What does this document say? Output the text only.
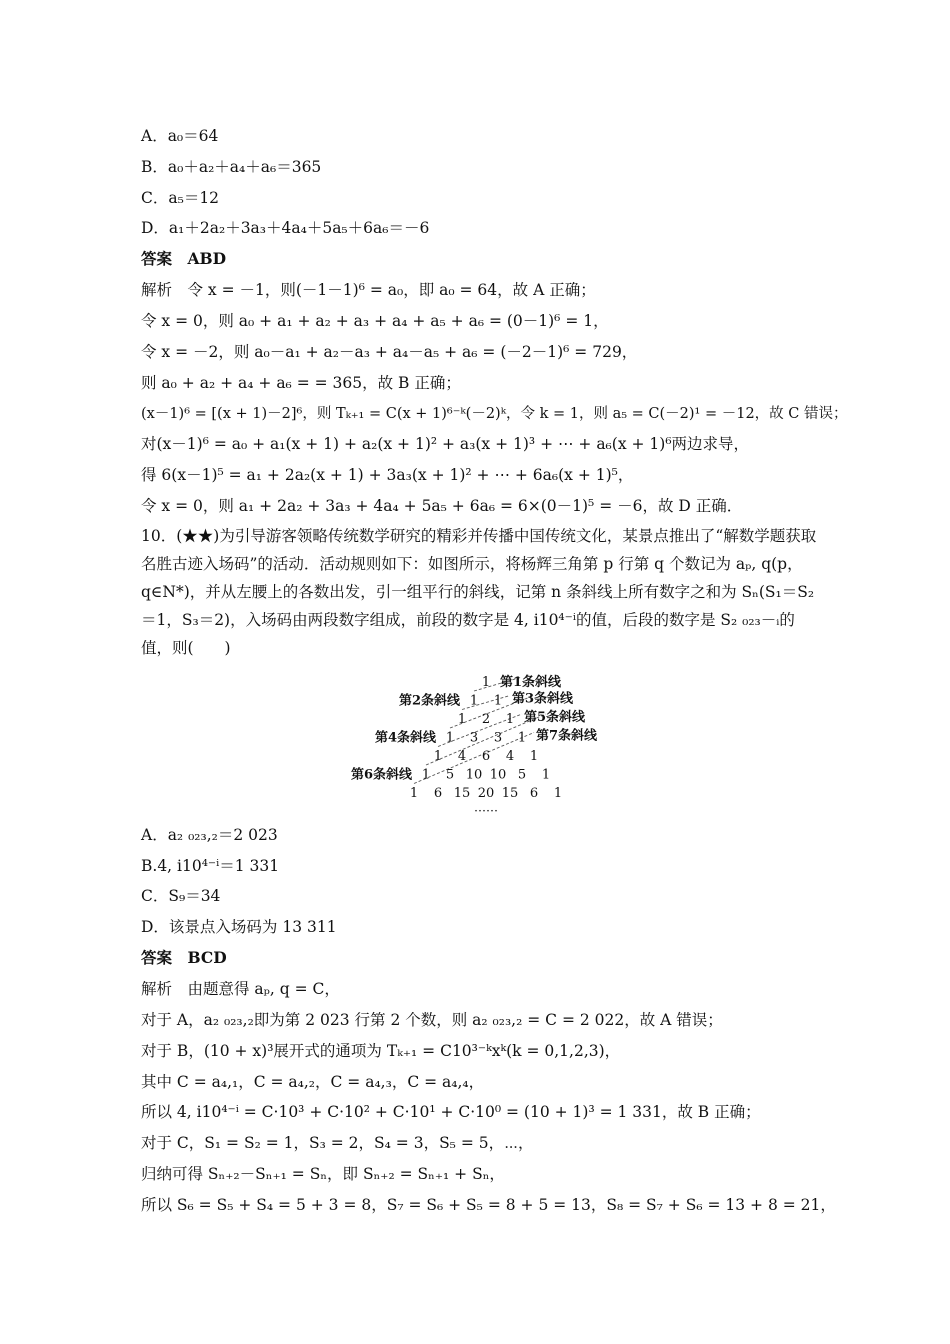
A．a₀＝64
B．a₀＋a₂＋a₄＋a₆＝365
C．a₅＝12
D．a₁＋2a₂＋3a₃＋4a₄＋5a₅＋6a₆＝－6
答案　ABD
解析　令 x = －1，则(－1－1)⁶ = a₀，即 a₀ = 64，故 A 正确；
令 x = 0，则 a₀ + a₁ + a₂ + a₃ + a₄ + a₅ + a₆ = (0－1)⁶ = 1，
令 x = －2，则 a₀－a₁ + a₂－a₃ + a₄－a₅ + a₆ = (－2－1)⁶ = 729，
则 a₀ + a₂ + a₄ + a₆ = = 365，故 B 正确；
(x－1)⁶ = [(x + 1)－2]⁶，则 Tₖ₊₁ = C(x + 1)⁶⁻ᵏ(－2)ᵏ，令 k = 1，则 a₅ = C(－2)¹ = －12，故 C 错误；
对(x－1)⁶ = a₀ + a₁(x + 1) + a₂(x + 1)² + a₃(x + 1)³ + ⋯ + a₆(x + 1)⁶两边求导，
得 6(x－1)⁵ = a₁ + 2a₂(x + 1) + 3a₃(x + 1)² + ⋯ + 6a₆(x + 1)⁵，
令 x = 0，则 a₁ + 2a₂ + 3a₃ + 4a₄ + 5a₅ + 6a₆ = 6×(0－1)⁵ = －6，故 D 正确．
10．(★★)为引导游客领略传统数学研究的精彩并传播中国传统文化，某景点推出了“解数学题获取名胜古迹入场码”的活动．活动规则如下：如图所示，将杨辉三角第 p 行第 q 个数记为 aₚ, q(p，q∈N*)，并从左腰上的各数出发，引一组平行的斜线，记第 n 条斜线上所有数字之和为 Sₙ(S₁＝S₂＝1，S₃＝2)，入场码由两段数字组成，前段的数字是 4, i10⁴⁻ⁱ的值，后段的数字是 S₂ ₀₂₃－ᵢ的值，则(　　)
1
1 1
1 2 1
1 3 3 1
1 4 6 4 1
1 5 10 10 5 1
1 6 15 20 15 6 1
……
第1条斜线
第2条斜线	第3条斜线
第4条斜线
第5条斜线
第6条斜线
第7条斜线
A．a₂ ₀₂₃,₂＝2 023
B.4, i10⁴⁻ⁱ＝1 331
C．S₉＝34
D．该景点入场码为 13 311
答案　BCD
解析　由题意得 aₚ, q = C，
对于 A，a₂ ₀₂₃,₂即为第 2 023 行第 2 个数，则 a₂ ₀₂₃,₂ = C = 2 022，故 A 错误；
对于 B，(10 + x)³展开式的通项为 Tₖ₊₁ = C10³⁻ᵏxᵏ(k = 0,1,2,3)，
其中 C = a₄,₁，C = a₄,₂，C = a₄,₃，C = a₄,₄，
所以 4, i10⁴⁻ⁱ = C·10³ + C·10² + C·10¹ + C·10⁰ = (10 + 1)³ = 1 331，故 B 正确；
对于 C，S₁ = S₂ = 1，S₃ = 2，S₄ = 3，S₅ = 5，⋯，
归纳可得 Sₙ₊₂－Sₙ₊₁ = Sₙ，即 Sₙ₊₂ = Sₙ₊₁ + Sₙ，
所以 S₆ = S₅ + S₄ = 5 + 3 = 8，S₇ = S₆ + S₅ = 8 + 5 = 13，S₈ = S₇ + S₆ = 13 + 8 = 21，
